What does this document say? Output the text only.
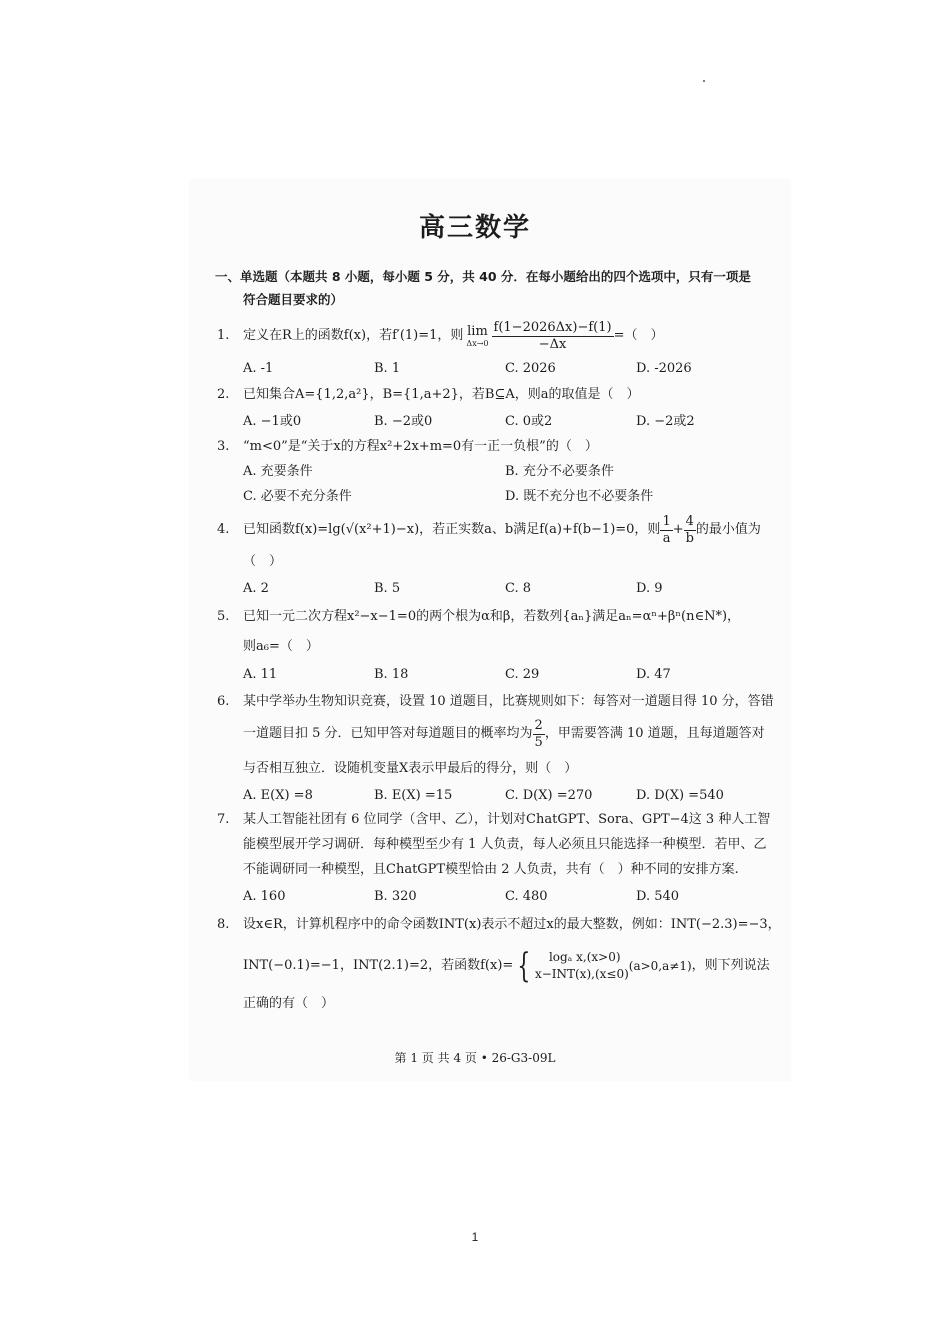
高三数学
一、单选题（本题共 8 小题，每小题 5 分，共 40 分．在每小题给出的四个选项中，只有一项是
符合题目要求的）
1. 定义在R上的函数f(x)，若f′(1)=1，则 lim
$\Delta x\to 0 \frac{f(1-2026\Delta x)-f(1)}{-\Delta x}$ =（　）
A. -1	B. 1	C. 2026	D. -2026
2. 已知集合A={1,2,a²}，B={1,a+2}，若B⊆A，则a的取值是（　）
A. −1或0	B. −2或0	C. 0或2	D. −2或2
3. “m<0”是“关于x的方程x²+2x+m=0有一正一负根”的（　）
A. 充要条件	B. 充分不必要条件
C. 必要不充分条件	D. 既不充分也不必要条件
4. 已知函数f(x)=lg(√(x²+1)−x)，若正实数a、b满足f(a)+f(b−1)=0，则 $\frac{1}{a} + \frac{4}{b}$ 的最小值为
（　）
A. 2	B. 5	C. 8	D. 9
5. 已知一元二次方程x²−x−1=0的两个根为α和β，若数列{aₙ}满足aₙ=αⁿ+βⁿ(n∈N*)，
则a₆=（　）
A. 11	B. 18	C. 29	D. 47
6. 某中学举办生物知识竞赛，设置 10 道题目，比赛规则如下：每答对一道题目得 10 分，答错
一道题目扣 5 分．已知甲答对每道题目的概率均为 $\frac{2}{5}$ ，甲需要答满 10 道题，且每道题答对
与否相互独立．设随机变量X表示甲最后的得分，则（　）
A. E(X) =8	B. E(X) =15	C. D(X) =270	D. D(X) =540
7. 某人工智能社团有 6 位同学（含甲、乙），计划对ChatGPT、Sora、GPT−4这 3 种人工智
能模型展开学习调研．每种模型至少有 1 人负责，每人必须且只能选择一种模型．若甲、乙
不能调研同一种模型，且ChatGPT模型恰由 2 人负责，共有（　）种不同的安排方案.
A. 160	B. 320	C. 480	D. 540
8. 设x∈R，计算机程序中的命令函数INT(x)表示不超过x的最大整数，例如：INT(−2.3)=−3，
INT(−0.1)=−1，INT(2.1)=2，若函数f(x)= {	logₐ x,(x>0)
x−INT(x),(x≤0)
(a>0,a≠1) ，则下列说法
正确的有（　）
第 1 页 共 4 页 • 26-G3-09L
1
